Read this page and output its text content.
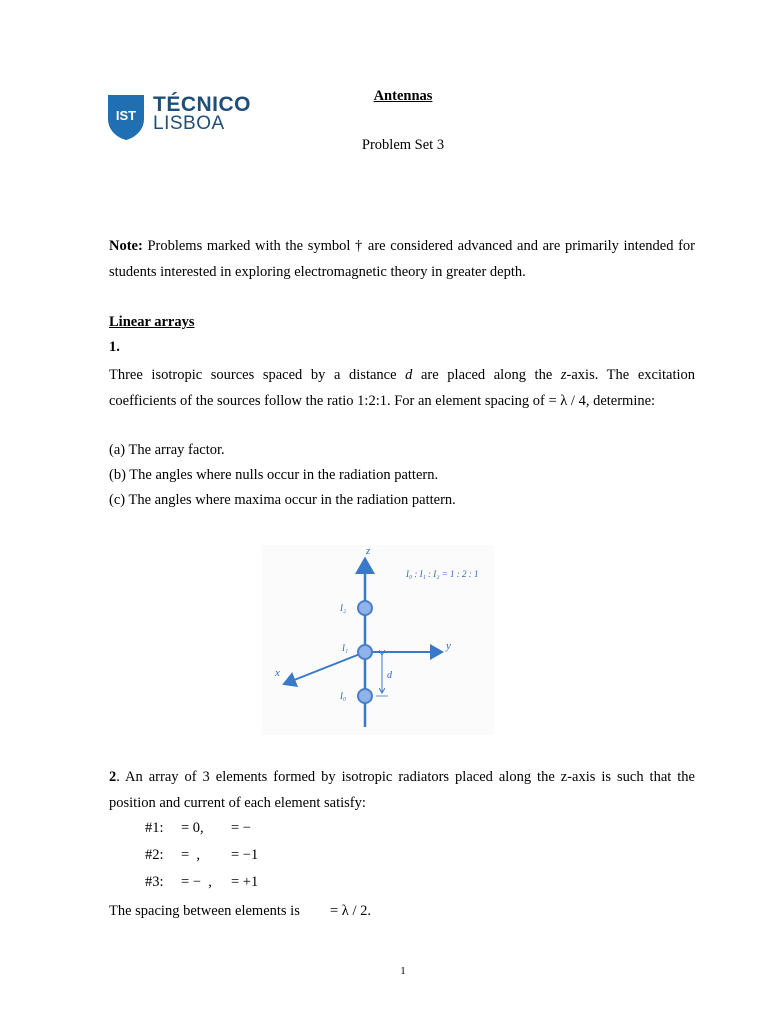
IST TÉCNICO
LISBOA
Antennas
Problem Set 3
Note: Problems marked with the symbol † are considered advanced and are primarily intended for students interested in exploring electromagnetic theory in greater depth.
Linear arrays
1.
Three isotropic sources spaced by a distance d are placed along the z-axis. The excitation coefficients of the sources follow the ratio 1:2:1. For an element spacing of = λ / 4, determine:
(a) The array factor.
(b) The angles where nulls occur in the radiation pattern.
(c) The angles where maxima occur in the radiation pattern.
z
y
x
I₂
I₁
I₀
d
I₀ : I₁ : I₂ = 1 : 2 : 1
2. An array of 3 elements formed by isotropic radiators placed along the z-axis is such that the position and current of each element satisfy:
#1: = 0, = −
#2: =  , = −1
#3: = −  , = +1
The spacing between elements is = λ / 2.
1
